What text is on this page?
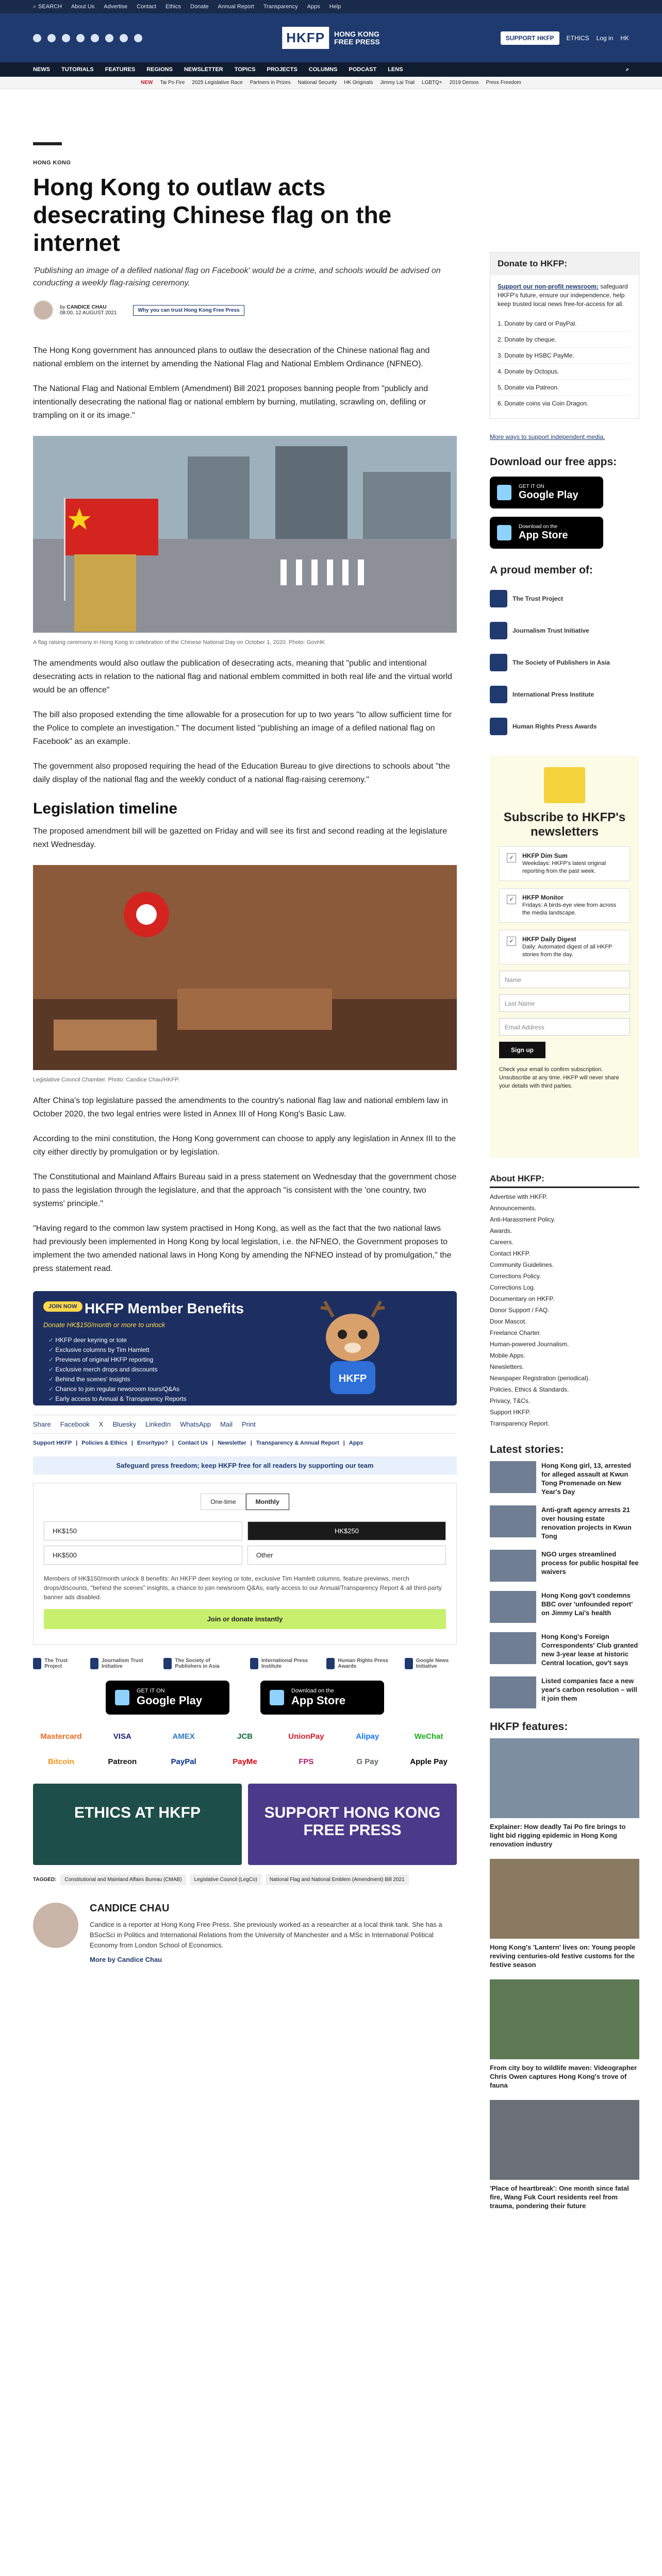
⌕ SEARCH About Us Advertise Contact Ethics Donate Annual Report Transparency Apps Help
HKFP	HONG KONG
FREE PRESS	SUPPORT HKFP	ETHICS Log in HK
NEWS TUTORIALS FEATURES REGIONS NEWSLETTER TOPICS PROJECTS COLUMNS PODCAST LENS	⌕
NEW Tai Po Fire 2025 Legislative Race Partners in Prizes National Security HK Originals Jimmy Lai Trial LGBTQ+ 2019 Demos Press Freedom
HONG KONG
Hong Kong to outlaw acts desecrating Chinese flag on the internet
'Publishing an image of a defiled national flag on Facebook' would be a crime, and schools would be advised on conducting a weekly flag-raising ceremony.
by CANDICE CHAU
08:00, 12 AUGUST 2021	Why you can trust Hong Kong Free Press

The Hong Kong government has announced plans to outlaw the desecration of the Chinese national flag and national emblem on the internet by amending the National Flag and National Emblem Ordinance (NFNEO).

The National Flag and National Emblem (Amendment) Bill 2021 proposes banning people from "publicly and intentionally desecrating the national flag or national emblem by burning, mutilating, scrawling on, defiling or trampling on it or its image."

A flag raising ceremony in Hong Kong in celebration of the Chinese National Day on October 1, 2020. Photo: GovHK

The amendments would also outlaw the publication of desecrating acts, meaning that "public and intentional desecrating acts in relation to the national flag and national emblem committed in both real life and the virtual world would be an offence"

The bill also proposed extending the time allowable for a prosecution for up to two years "to allow sufficient time for the Police to complete an investigation." The document listed "publishing an image of a defiled national flag on Facebook" as an example.

The government also proposed requiring the head of the Education Bureau to give directions to schools about "the daily display of the national flag and the weekly conduct of a national flag-raising ceremony."

Legislation timeline

The proposed amendment bill will be gazetted on Friday and will see its first and second reading at the legislature next Wednesday.

Legislative Council Chamber. Photo: Candice Chau/HKFP.

After China's top legislature passed the amendments to the country's national flag law and national emblem law in October 2020, the two legal entries were listed in Annex III of Hong Kong's Basic Law.

According to the mini constitution, the Hong Kong government can choose to apply any legislation in Annex III to the city either directly by promulgation or by legislation.

The Constitutional and Mainland Affairs Bureau said in a press statement on Wednesday that the government chose to pass the legislation through the legislature, and that the approach "is consistent with the 'one country, two systems' principle."

"Having regard to the common law system practised in Hong Kong, as well as the fact that the two national laws had previously been implemented in Hong Kong by local legislation, i.e. the NFNEO, the Government proposes to implement the two amended national laws in Hong Kong by amending the NFNEO instead of by promulgation," the press statement read.

JOIN NOW HKFP Member Benefits
Donate HK$150/month or more to unlock
✓ HKFP deer keyring or tote
✓ Exclusive columns by Tim Hamlett
✓ Previews of original HKFP reporting
✓ Exclusive merch drops and discounts
✓ Behind the scenes' insights
✓ Chance to join regular newsroom tours/Q&As
✓ Early access to Annual & Transparency Reports
HKFP
Share Facebook X Bluesky LinkedIn WhatsApp Mail Print
Support HKFP | Policies & Ethics | Error/typo? | Contact Us | Newsletter | Transparency & Annual Report | Apps
Safeguard press freedom; keep HKFP free for all readers by supporting our team
One-time	Monthly
HK$150	HK$250
HK$500	Other
Members of HK$150/month unlock 8 benefits: An HKFP deer keyring or tote, exclusive Tim Hamlett columns, feature previews, merch drops/discounts, "behind the scenes" insights, a chance to join newsroom Q&As, early access to our Annual/Transparency Report & all third-party banner ads disabled.
Join or donate instantly
The Trust Project
Journalism Trust Initiative
The Society of Publishers in Asia
International Press Institute
Human Rights Press Awards
Google News Initiative
GET IT ON
Google Play
Download on the
App Store
Mastercard	VISA	AMEX	JCB	UnionPay	Alipay	WeChat
Bitcoin	Patreon	PayPal	PayMe	FPS	G Pay	Apple Pay
ETHICS AT HKFP	SUPPORT HONG KONG FREE PRESS
TAGGED:	Constitutional and Mainland Affairs Bureau (CMAB)	Legislative Council (LegCo)	National Flag and National Emblem (Amendment) Bill 2021
CANDICE CHAU

Candice is a reporter at Hong Kong Free Press. She previously worked as a researcher at a local think tank. She has a BSocSci in Politics and International Relations from the University of Manchester and a MSc in International Political Economy from London School of Economics.

More by Candice Chau
Donate to HKFP:
Support our non-profit newsroom: safeguard HKFP's future, ensure our independence, help keep trusted local news free-for-access for all.
1. Donate by card or PayPal.
2. Donate by cheque.
3. Donate by HSBC PayMe.
4. Donate by Octopus.
5. Donate via Patreon.
6. Donate coins via Coin Dragon.
More ways to support independent media.
Download our free apps:
GET IT ON
Google Play
Download on the
App Store
A proud member of:
The Trust Project
Journalism Trust Initiative
The Society of Publishers in Asia
International Press Institute
Human Rights Press Awards
Subscribe to HKFP's newsletters
✓ HKFP Dim Sum
Weekdays: HKFP's latest original reporting from the past week.
✓ HKFP Monitor
Fridays: A birds-eye view from across the media landscape.
✓ HKFP Daily Digest
Daily: Automated digest of all HKFP stories from the day.
Name
Last Name
Email Address
Sign up
Check your email to confirm subscription. Unsubscribe at any time. HKFP will never share your details with third parties.
About HKFP:
Advertise with HKFP.
Announcements.
Anti-Harassment Policy.
Awards.
Careers.
Contact HKFP.
Community Guidelines.
Corrections Policy.
Corrections Log.
Documentary on HKFP.
Donor Support / FAQ.
Door Mascot.
Freelance Charter.
Human-powered Journalism.
Mobile Apps.
Newsletters.
Newspaper Registration (periodical).
Policies, Ethics & Standards.
Privacy, T&Cs.
Support HKFP.
Transparency Report.
Latest stories:
Hong Kong girl, 13, arrested for alleged assault at Kwun Tong Promenade on New Year's Day
Anti-graft agency arrests 21 over housing estate renovation projects in Kwun Tong
NGO urges streamlined process for public hospital fee waivers
Hong Kong gov't condemns BBC over 'unfounded report' on Jimmy Lai's health
Hong Kong's Foreign Correspondents' Club granted new 3-year lease at historic Central location, gov't says
Listed companies face a new year's carbon resolution – will it join them
HKFP features:
Explainer: How deadly Tai Po fire brings to light bid rigging epidemic in Hong Kong renovation industry
Hong Kong's 'Lantern' lives on: Young people reviving centuries-old festive customs for the festive season
From city boy to wildlife maven: Videographer Chris Owen captures Hong Kong's trove of fauna
'Place of heartbreak': One month since fatal fire, Wang Fuk Court residents reel from trauma, pondering their future
